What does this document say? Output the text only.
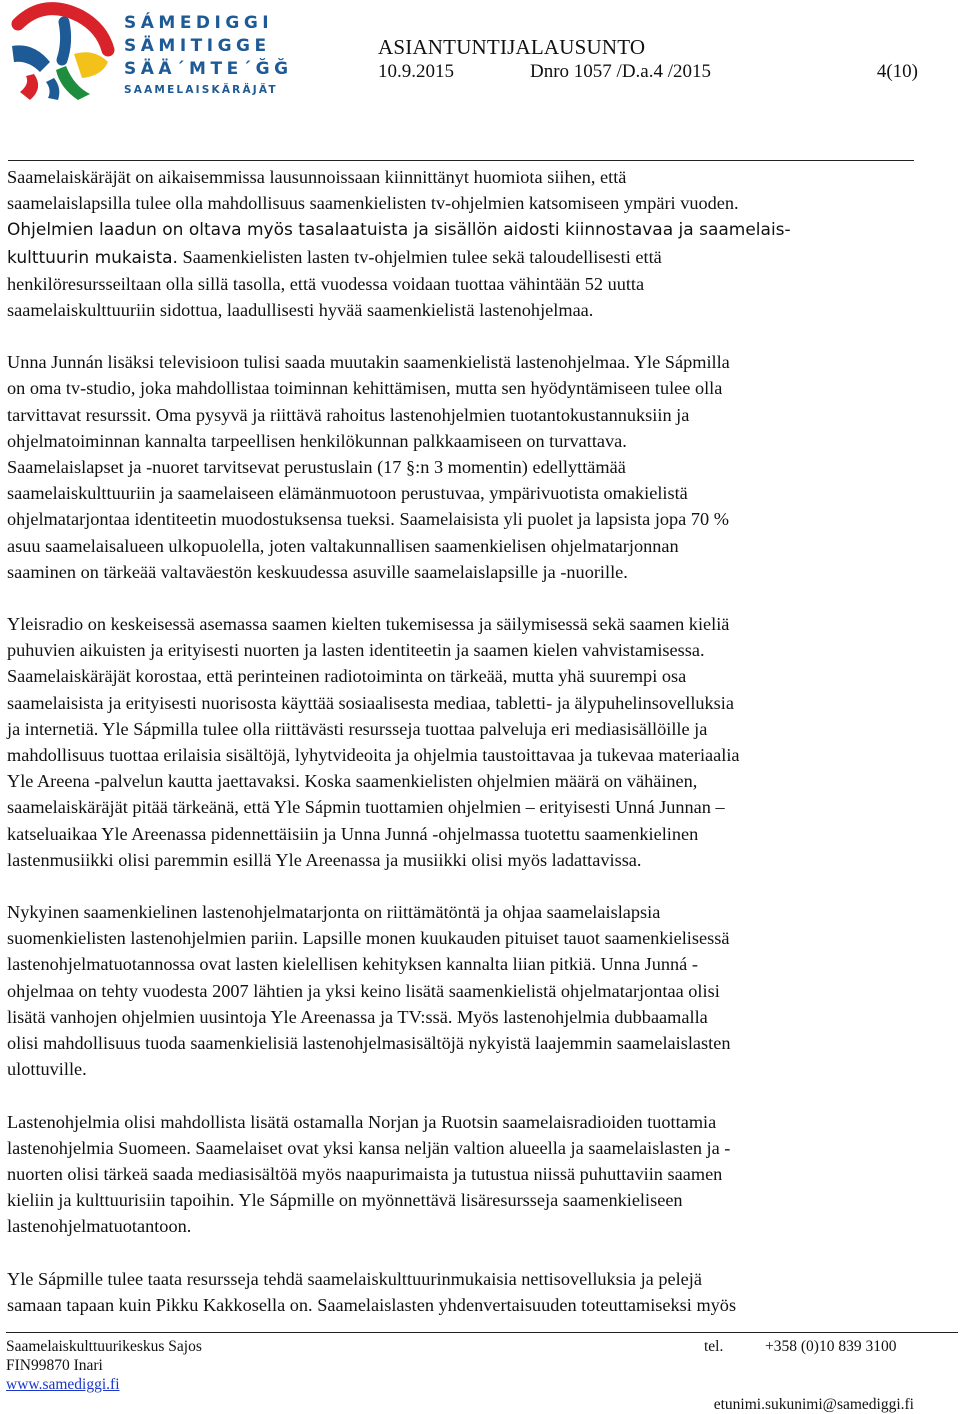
SÁMEDIGGI
SÄMITIGGE
SÄÄ´MTE´ĞĞ
SAAMELAISKÄRÄJÄT
ASIANTUNTIJALAUSUNTO
10.9.2015	Dnro 1057 /D.a.4 /2015	4(10)

Saamelaiskäräjät on aikaisemmissa lausunnoissaan kiinnittänyt huomiota siihen, että
saamelaislapsilla tulee olla mahdollisuus saamenkielisten tv-ohjelmien katsomiseen ympäri vuoden.
Ohjelmien laadun on oltava myös tasalaatuista ja sisällön aidosti kiinnostavaa ja saamelais-
kulttuurin mukaista. Saamenkielisten lasten tv-ohjelmien tulee sekä taloudellisesti että
henkilöresursseiltaan olla sillä tasolla, että vuodessa voidaan tuottaa vähintään 52 uutta
saamelaiskulttuuriin sidottua, laadullisesti hyvää saamenkielistä lastenohjelmaa.

Unna Junnán lisäksi televisioon tulisi saada muutakin saamenkielistä lastenohjelmaa. Yle Sápmilla
on oma tv-studio, joka mahdollistaa toiminnan kehittämisen, mutta sen hyödyntämiseen tulee olla
tarvittavat resurssit. Oma pysyvä ja riittävä rahoitus lastenohjelmien tuotantokustannuksiin ja
ohjelmatoiminnan kannalta tarpeellisen henkilökunnan palkkaamiseen on turvattava.
Saamelaislapset ja -nuoret tarvitsevat perustuslain (17 §:n 3 momentin) edellyttämää
saamelaiskulttuuriin ja saamelaiseen elämänmuotoon perustuvaa, ympärivuotista omakielistä
ohjelmatarjontaa identiteetin muodostuksensa tueksi. Saamelaisista yli puolet ja lapsista jopa 70 %
asuu saamelaisalueen ulkopuolella, joten valtakunnallisen saamenkielisen ohjelmatarjonnan
saaminen on tärkeää valtaväestön keskuudessa asuville saamelaislapsille ja -nuorille.

Yleisradio on keskeisessä asemassa saamen kielten tukemisessa ja säilymisessä sekä saamen kieliä
puhuvien aikuisten ja erityisesti nuorten ja lasten identiteetin ja saamen kielen vahvistamisessa.
Saamelaiskäräjät korostaa, että perinteinen radiotoiminta on tärkeää, mutta yhä suurempi osa
saamelaisista ja erityisesti nuorisosta käyttää sosiaalisesta mediaa, tabletti- ja älypuhelinsovelluksia
ja internetiä. Yle Sápmilla tulee olla riittävästi resursseja tuottaa palveluja eri mediasisällöille ja
mahdollisuus tuottaa erilaisia sisältöjä, lyhytvideoita ja ohjelmia taustoittavaa ja tukevaa materiaalia
Yle Areena -palvelun kautta jaettavaksi. Koska saamenkielisten ohjelmien määrä on vähäinen,
saamelaiskäräjät pitää tärkeänä, että Yle Sápmin tuottamien ohjelmien – erityisesti Unná Junnan –
katseluaikaa Yle Areenassa pidennettäisiin ja Unna Junná -ohjelmassa tuotettu saamenkielinen
lastenmusiikki olisi paremmin esillä Yle Areenassa ja musiikki olisi myös ladattavissa.

Nykyinen saamenkielinen lastenohjelmatarjonta on riittämätöntä ja ohjaa saamelaislapsia
suomenkielisten lastenohjelmien pariin. Lapsille monen kuukauden pituiset tauot saamenkielisessä
lastenohjelmatuotannossa ovat lasten kielellisen kehityksen kannalta liian pitkiä. Unna Junná -
ohjelmaa on tehty vuodesta 2007 lähtien ja yksi keino lisätä saamenkielistä ohjelmatarjontaa olisi
lisätä vanhojen ohjelmien uusintoja Yle Areenassa ja TV:ssä. Myös lastenohjelmia dubbaamalla
olisi mahdollisuus tuoda saamenkielisiä lastenohjelmasisältöjä nykyistä laajemmin saamelaislasten
ulottuville.

Lastenohjelmia olisi mahdollista lisätä ostamalla Norjan ja Ruotsin saamelaisradioiden tuottamia
lastenohjelmia Suomeen. Saamelaiset ovat yksi kansa neljän valtion alueella ja saamelaislasten ja -
nuorten olisi tärkeä saada mediasisältöä myös naapurimaista ja tutustua niissä puhuttaviin saamen
kieliin ja kulttuurisiin tapoihin. Yle Sápmille on myönnettävä lisäresursseja saamenkieliseen
lastenohjelmatuotantoon.

Yle Sápmille tulee taata resursseja tehdä saamelaiskulttuurinmukaisia nettisovelluksia ja pelejä
samaan tapaan kuin Pikku Kakkosella on. Saamelaislasten yhdenvertaisuuden toteuttamiseksi myös

Saamelaiskulttuurikeskus Sajos
FIN99870 Inari
www.samediggi.fi
tel.	+358 (0)10 839 3100
etunimi.sukunimi@samediggi.fi
